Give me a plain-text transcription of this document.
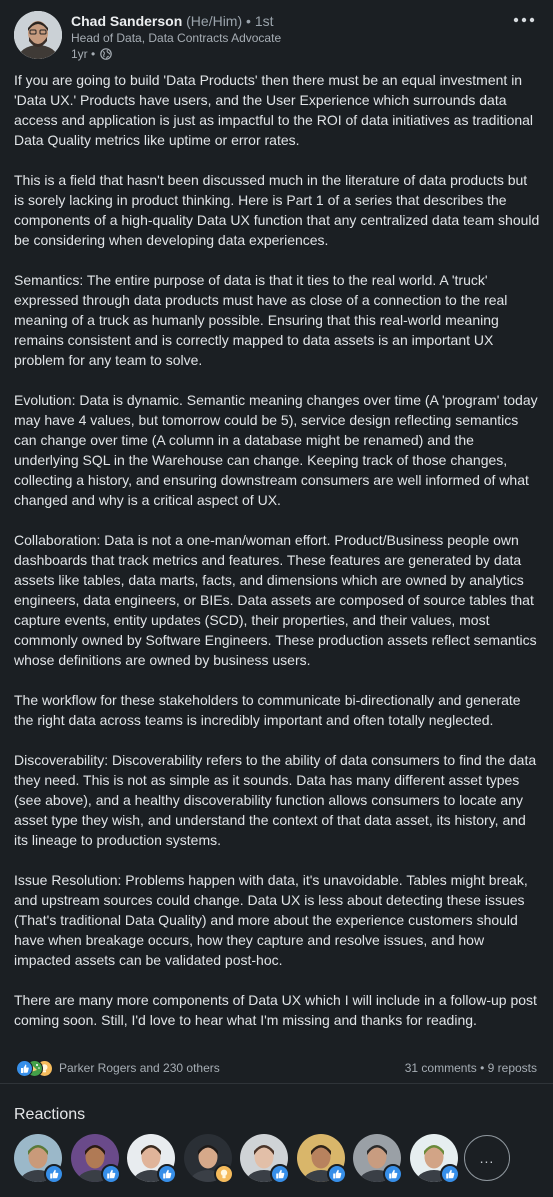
Chad Sanderson (He/Him) • 1st
Head of Data, Data Contracts Advocate
1yr •

If you are going to build 'Data Products' then there must be an equal investment in 'Data UX.' Products have users, and the User Experience which surrounds data access and application is just as impactful to the ROI of data initiatives as traditional Data Quality metrics like uptime or error rates.

This is a field that hasn't been discussed much in the literature of data products but is sorely lacking in product thinking. Here is Part 1 of a series that describes the components of a high-quality Data UX function that any centralized data team should be considering when developing data experiences.

Semantics: The entire purpose of data is that it ties to the real world. A 'truck' expressed through data products must have as close of a connection to the real meaning of a truck as humanly possible. Ensuring that this real-world meaning remains consistent and is correctly mapped to data assets is an important UX problem for any team to solve.

Evolution: Data is dynamic. Semantic meaning changes over time (A 'program' today may have 4 values, but tomorrow could be 5), service design reflecting semantics can change over time (A column in a database might be renamed) and the underlying SQL in the Warehouse can change. Keeping track of those changes, collecting a history, and ensuring downstream consumers are well informed of what changed and why is a critical aspect of UX.

Collaboration: Data is not a one-man/woman effort. Product/Business people own dashboards that track metrics and features. These features are generated by data assets like tables, data marts, facts, and dimensions which are owned by analytics engineers, data engineers, or BIEs. Data assets are composed of source tables that capture events, entity updates (SCD), their properties, and their values, most commonly owned by Software Engineers. These production assets reflect semantics whose definitions are owned by business users.

The workflow for these stakeholders to communicate bi-directionally and generate the right data across teams is incredibly important and often totally neglected.

Discoverability: Discoverability refers to the ability of data consumers to find the data they need. This is not as simple as it sounds. Data has many different asset types (see above), and a healthy discoverability function allows consumers to locate any asset type they wish, and understand the context of that data asset, its history, and its lineage to production systems.

Issue Resolution: Problems happen with data, it's unavoidable. Tables might break, and upstream sources could change. Data UX is less about detecting these issues (That's traditional Data Quality) and more about the experience customers should have when breakage occurs, how they capture and resolve issues, and how impacted assets can be validated post-hoc.

There are many more components of Data UX which I will include in a follow-up post coming soon. Still, I'd love to hear what I'm missing and thanks for reading.

Parker Rogers and 230 others	31 comments • 9 reposts
Reactions
...
